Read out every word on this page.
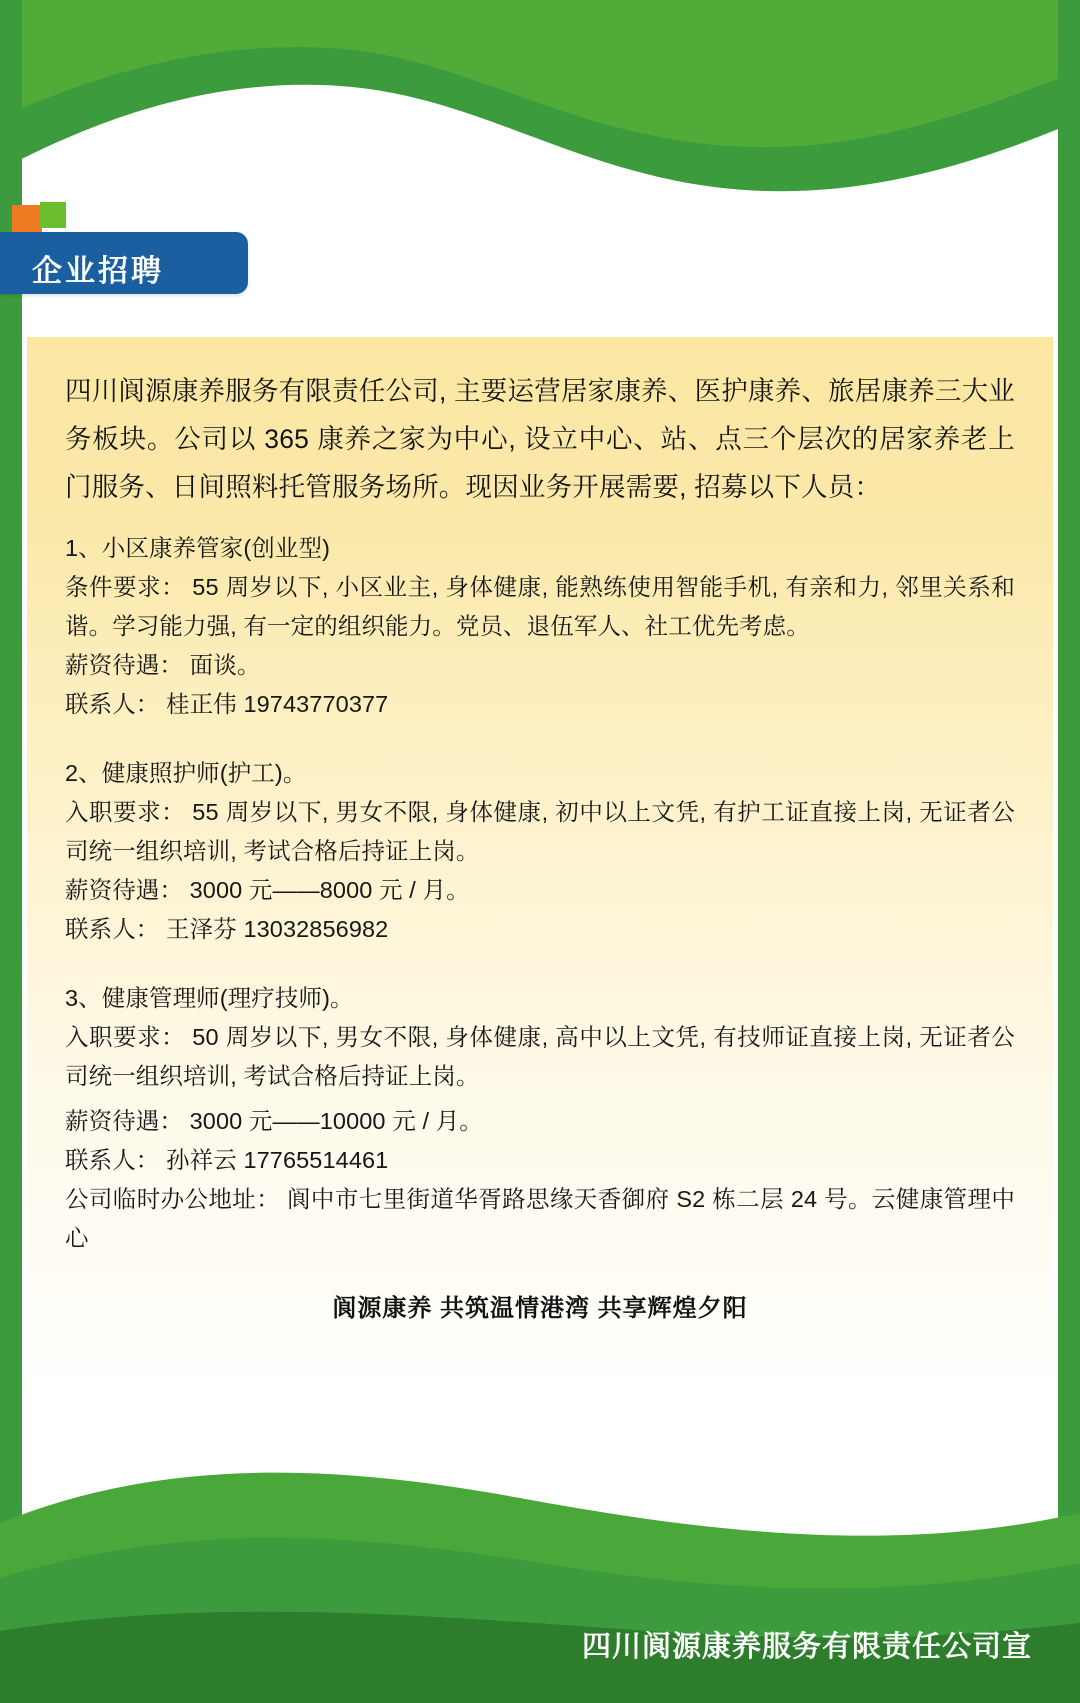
企业招聘

四川阆源康养服务有限责任公司, 主要运营居家康养、医护康养、旅居康养三大业务板块。公司以 365 康养之家为中心, 设立中心、站、点三个层次的居家养老上门服务、日间照料托管服务场所。现因业务开展需要, 招募以下人员：

1、小区康养管家(创业型)
条件要求： 55 周岁以下, 小区业主, 身体健康, 能熟练使用智能手机, 有亲和力, 邻里关系和谐。学习能力强, 有一定的组织能力。党员、退伍军人、社工优先考虑。
薪资待遇： 面谈。
联系人： 桂正伟 19743770377
2、健康照护师(护工)。
入职要求： 55 周岁以下, 男女不限, 身体健康, 初中以上文凭, 有护工证直接上岗, 无证者公司统一组织培训, 考试合格后持证上岗。
薪资待遇： 3000 元——8000 元 / 月。
联系人： 王泽芬 13032856982
3、健康管理师(理疗技师)。
入职要求： 50 周岁以下, 男女不限, 身体健康, 高中以上文凭, 有技师证直接上岗, 无证者公司统一组织培训, 考试合格后持证上岗。
薪资待遇： 3000 元——10000 元 / 月。
联系人： 孙祥云 17765514461
公司临时办公地址： 阆中市七里街道华胥路思缘天香御府 S2 栋二层 24 号。云健康管理中心
阆源康养 共筑温情港湾 共享辉煌夕阳
四川阆源康养服务有限责任公司宣
